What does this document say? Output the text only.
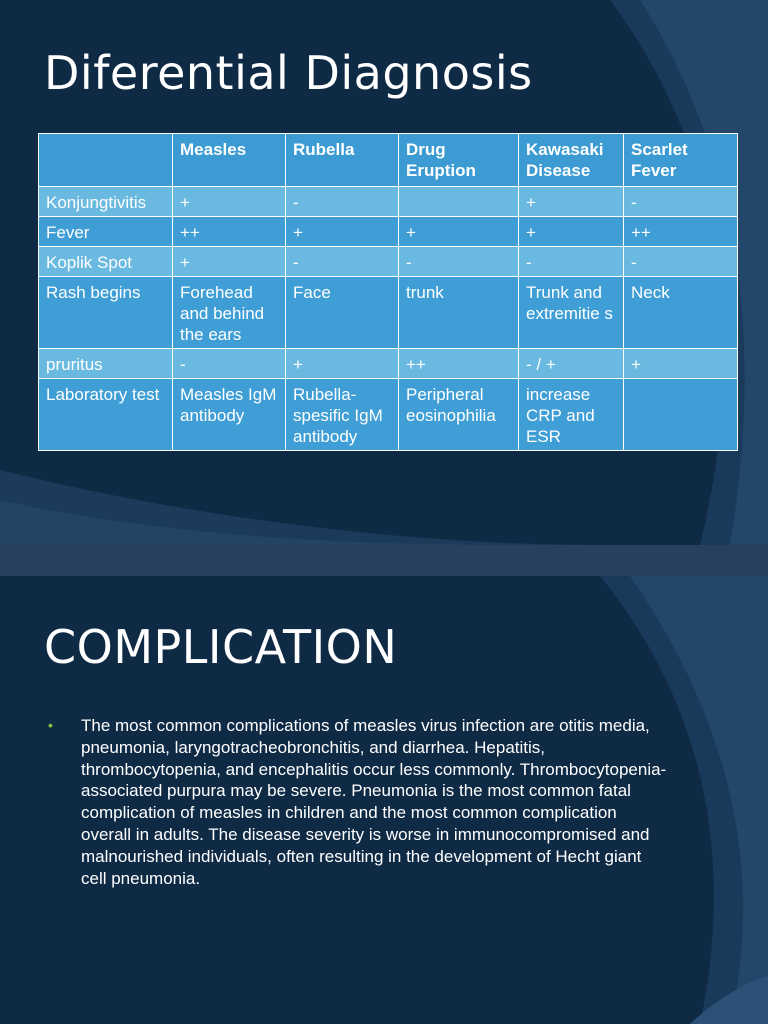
Diferential Diagnosis
	Measles	Rubella	Drug Eruption	Kawasaki Disease	Scarlet Fever
Konjungtivitis	+	-		+	-
Fever	++	+	+	+	++
Koplik Spot	+	-	-	-	-
Rash begins	Forehead and behind the ears	Face	trunk	Trunk and extremitie s	Neck
pruritus	-	+	++	- / +	+
Laboratory test	Measles IgM antibody	Rubella-spesific IgM antibody	Peripheral eosinophilia	increase CRP and ESR	
COMPLICATION
• The most common complications of measles virus infection are otitis media, pneumonia, laryngotracheobronchitis, and diarrhea. Hepatitis, thrombocytopenia, and encephalitis occur less commonly. Thrombocytopenia-associated purpura may be severe. Pneumonia is the most common fatal complication of measles in children and the most common complication overall in adults. The disease severity is worse in immunocompromised and malnourished individuals, often resulting in the development of Hecht giant cell pneumonia.
